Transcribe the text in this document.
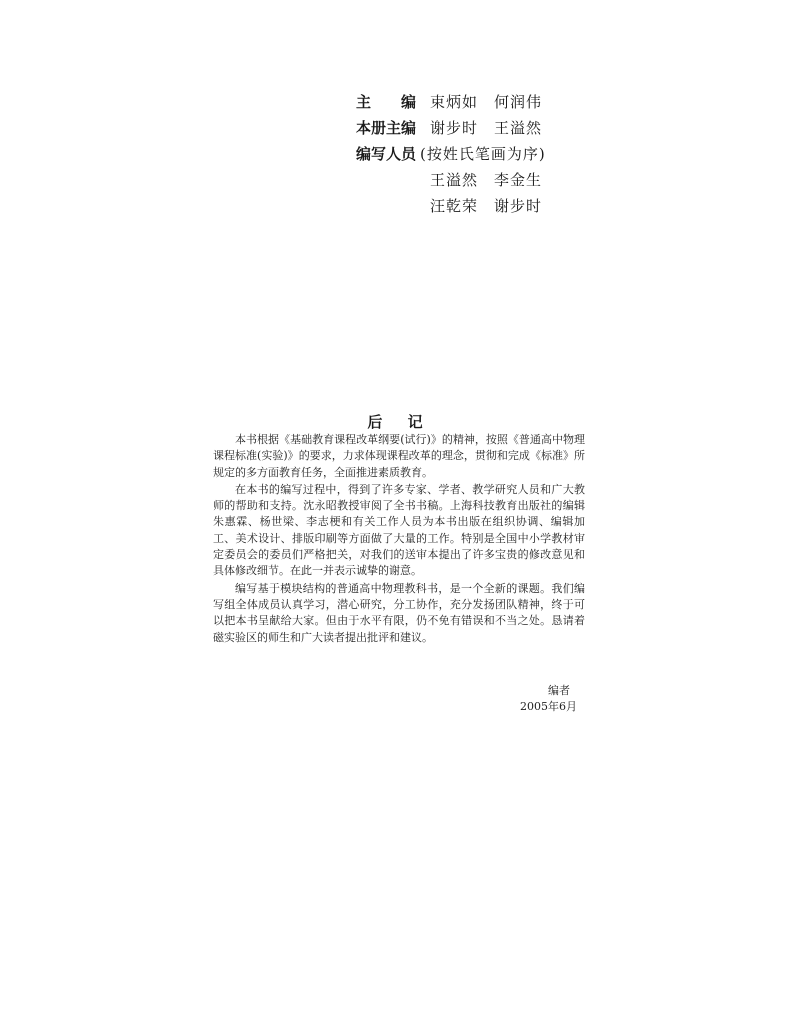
主　　编 束炳如　何润伟
本册主编 谢步时　王溢然
编写人员 (按姓氏笔画为序)
王溢然　李金生
汪乾荣　谢步时
后 记

本书根据《基础教育课程改革纲要(试行)》的精神，按照《普通高中物理课程标准(实验)》的要求，力求体现课程改革的理念，贯彻和完成《标准》所规定的多方面教育任务，全面推进素质教育。

在本书的编写过程中，得到了许多专家、学者、教学研究人员和广大教师的帮助和支持。沈永昭教授审阅了全书书稿。上海科技教育出版社的编辑朱惠霖、杨世梁、李志梗和有关工作人员为本书出版在组织协调、编辑加工、美术设计、排版印刷等方面做了大量的工作。特别是全国中小学教材审定委员会的委员们严格把关，对我们的送审本提出了许多宝贵的修改意见和具体修改细节。在此一并表示诚挚的谢意。

编写基于模块结构的普通高中物理教科书，是一个全新的课题。我们编写组全体成员认真学习，潜心研究，分工协作，充分发扬团队精神，终于可以把本书呈献给大家。但由于水平有限，仍不免有错误和不当之处。恳请着磁实验区的师生和广大读者提出批评和建议。

编者
2005年6月
